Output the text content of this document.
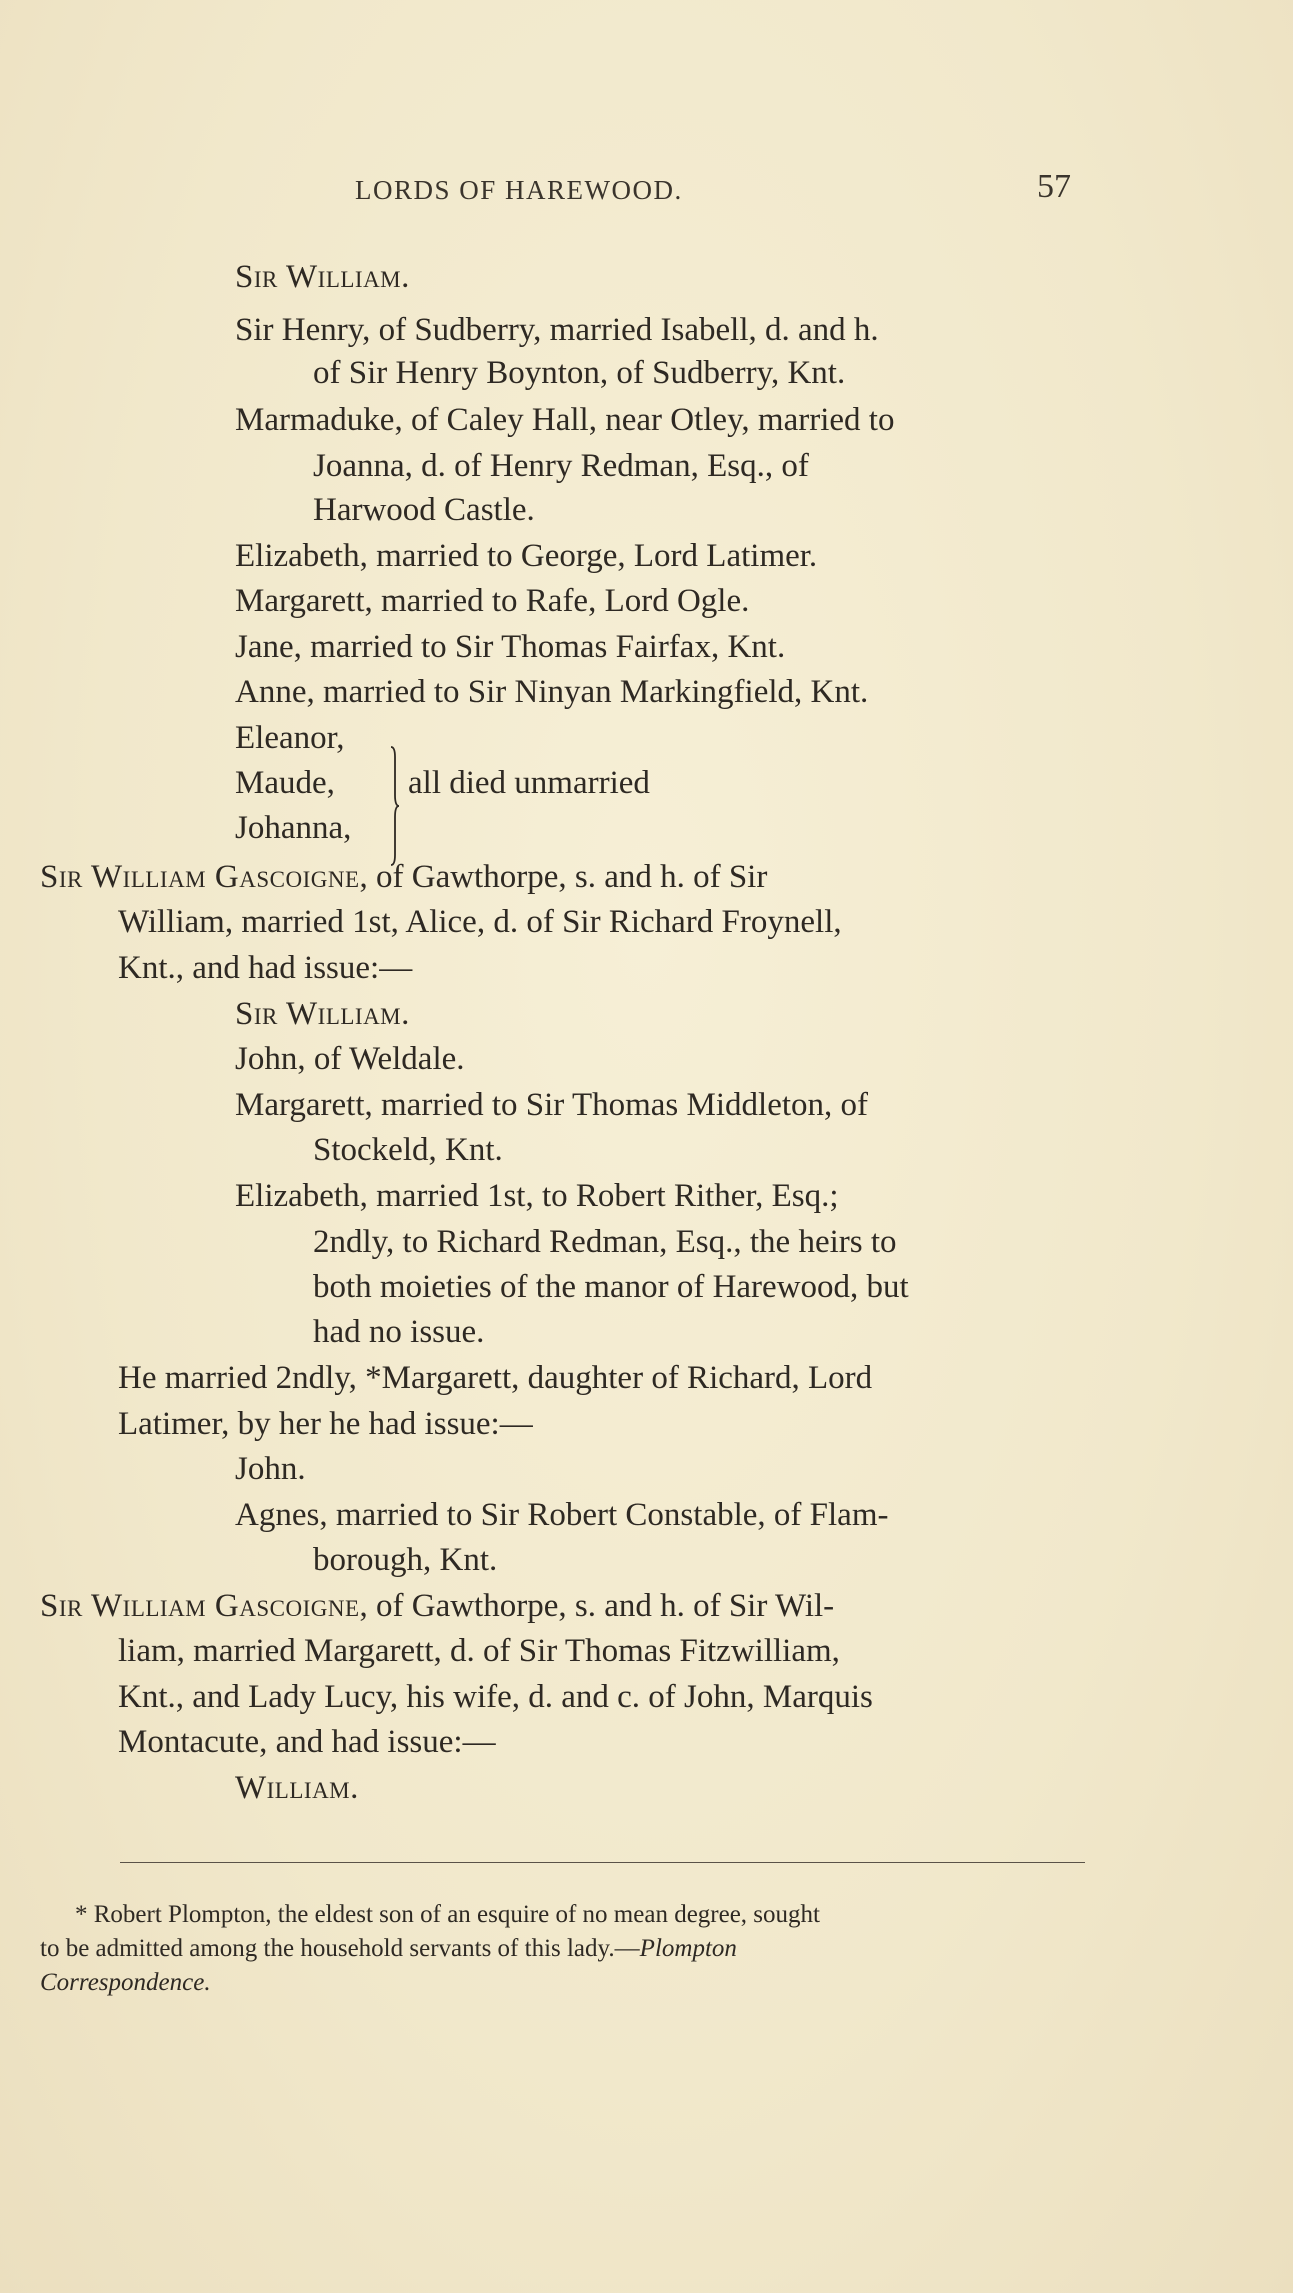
LORDS OF HAREWOOD.	57
Sir William.
Sir Henry, of Sudberry, married Isabell, d. and h.
of Sir Henry Boynton, of Sudberry, Knt.
Marmaduke, of Caley Hall, near Otley, married to
Joanna, d. of Henry Redman, Esq., of
Harwood Castle.
Elizabeth, married to George, Lord Latimer.
Margarett, married to Rafe, Lord Ogle.
Jane, married to Sir Thomas Fairfax, Knt.
Anne, married to Sir Ninyan Markingfield, Knt.
Eleanor,
Maude,
Johanna,
all died unmarried
Sir William Gascoigne, of Gawthorpe, s. and h. of Sir
William, married 1st, Alice, d. of Sir Richard Froynell,
Knt., and had issue:—
Sir William.
John, of Weldale.
Margarett, married to Sir Thomas Middleton, of
Stockeld, Knt.
Elizabeth, married 1st, to Robert Rither, Esq.;
2ndly, to Richard Redman, Esq., the heirs to
both moieties of the manor of Harewood, but
had no issue.
He married 2ndly, *Margarett, daughter of Richard, Lord
Latimer, by her he had issue:—
John.
Agnes, married to Sir Robert Constable, of Flam-
borough, Knt.
Sir William Gascoigne, of Gawthorpe, s. and h. of Sir Wil-
liam, married Margarett, d. of Sir Thomas Fitzwilliam,
Knt., and Lady Lucy, his wife, d. and c. of John, Marquis
Montacute, and had issue:—
William.
* Robert Plompton, the eldest son of an esquire of no mean degree, sought
to be admitted among the household servants of this lady.—Plompton
Correspondence.
